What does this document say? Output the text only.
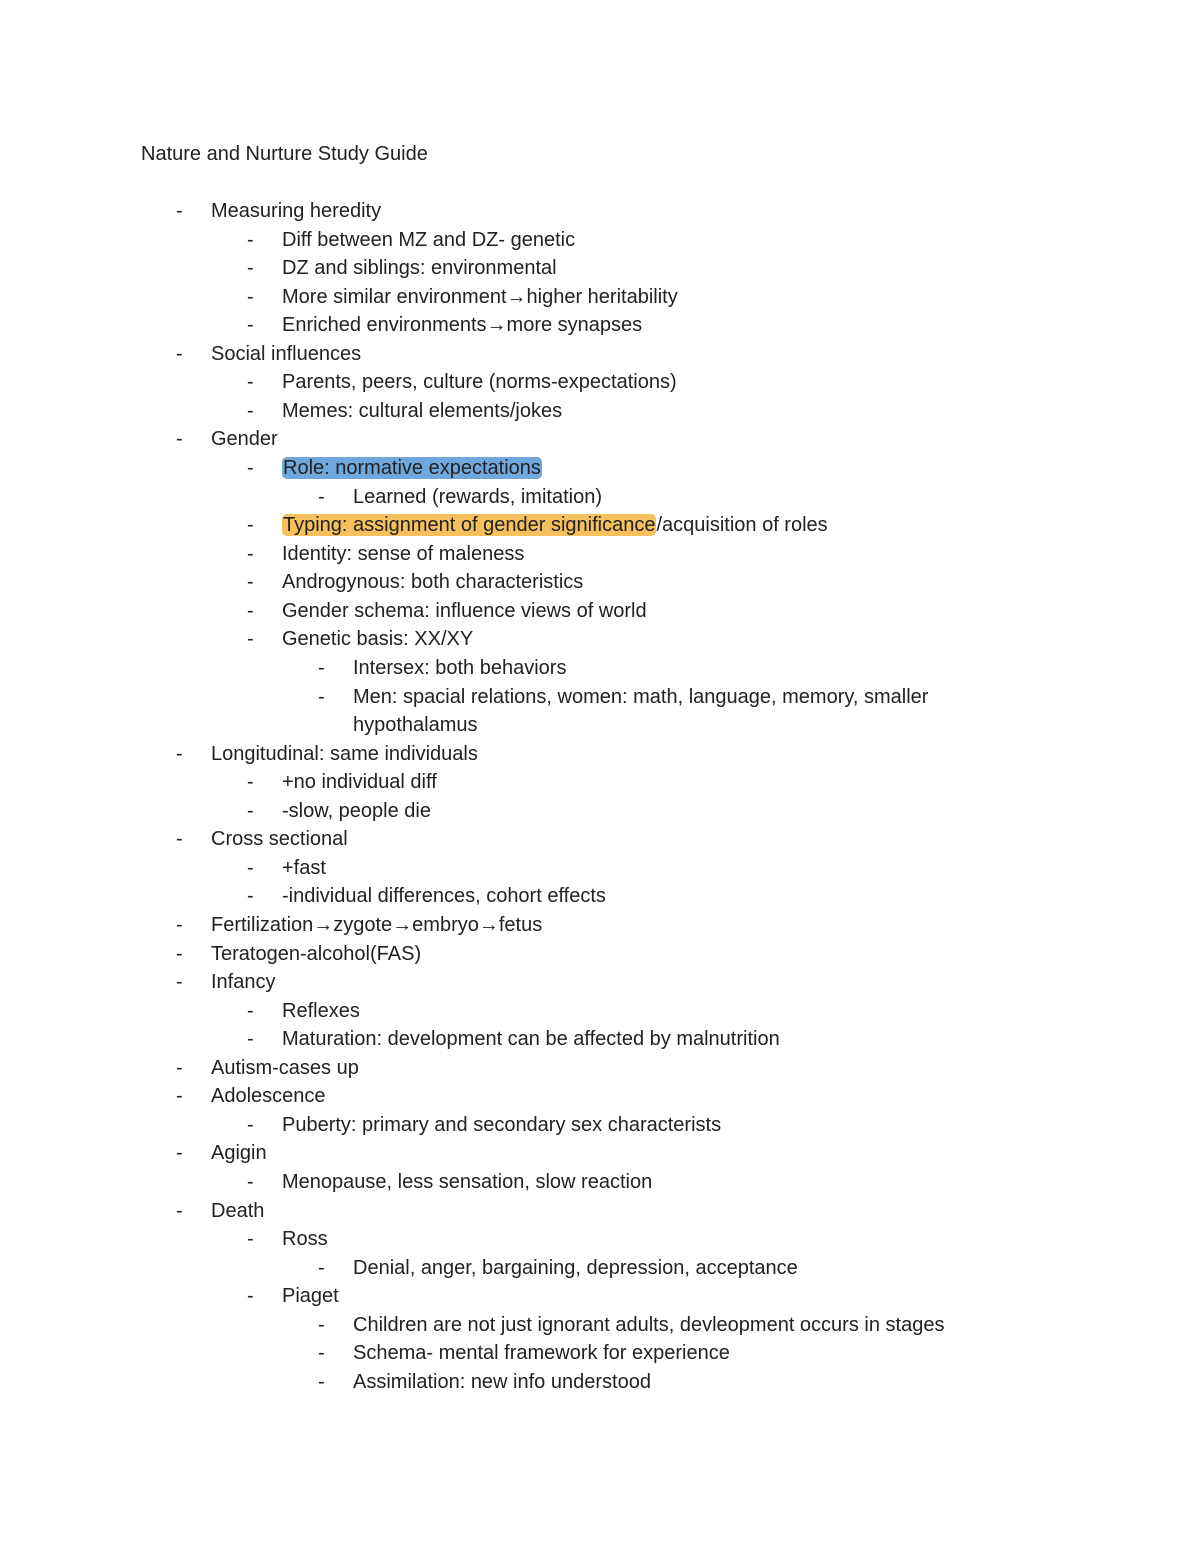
Nature and Nurture Study Guide
-	Measuring heredity
-	Diff between MZ and DZ- genetic
-	DZ and siblings: environmental
-	More similar environment→higher heritability
-	Enriched environments→more synapses
-	Social influences
-	Parents, peers, culture (norms-expectations)
-	Memes: cultural elements/jokes
-	Gender
-	Role: normative expectations
-	Learned (rewards, imitation)
-	Typing: assignment of gender significance/acquisition of roles
-	Identity: sense of maleness
-	Androgynous: both characteristics
-	Gender schema: influence views of world
-	Genetic basis: XX/XY
-	Intersex: both behaviors
-	Men: spacial relations, women: math, language, memory, smaller
hypothalamus
-	Longitudinal: same individuals
-	+no individual diff
-	-slow, people die
-	Cross sectional
-	+fast
-	-individual differences, cohort effects
-	Fertilization→zygote→embryo→fetus
-	Teratogen-alcohol(FAS)
-	Infancy
-	Reflexes
-	Maturation: development can be affected by malnutrition
-	Autism-cases up
-	Adolescence
-	Puberty: primary and secondary sex characterists
-	Agigin
-	Menopause, less sensation, slow reaction
-	Death
-	Ross
-	Denial, anger, bargaining, depression, acceptance
-	Piaget
-	Children are not just ignorant adults, devleopment occurs in stages
-	Schema- mental framework for experience
-	Assimilation: new info understood
